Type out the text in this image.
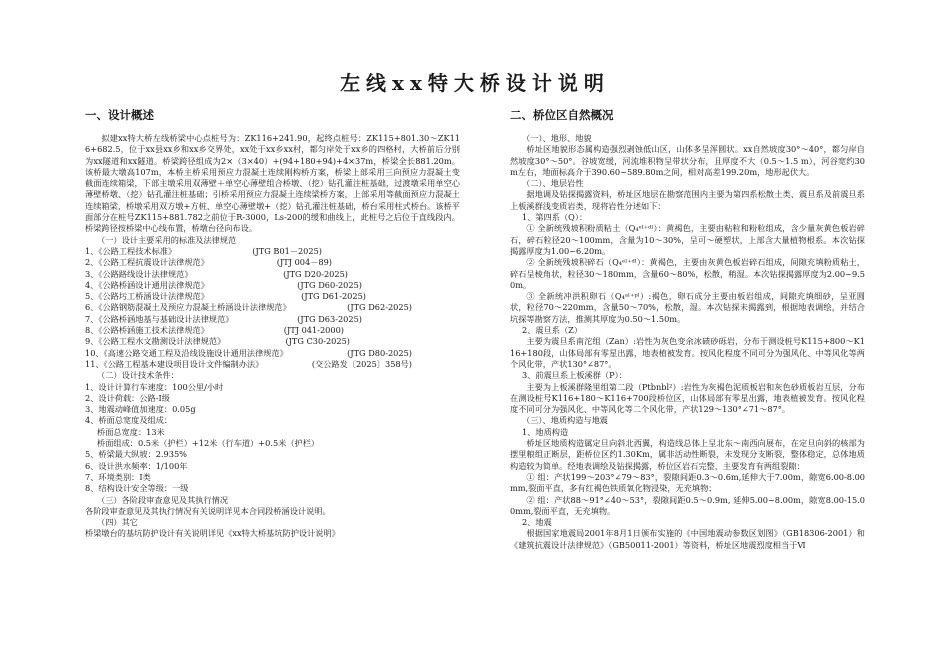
左线xx特大桥设计说明
一、设计概述

拟建xx特大桥左线桥梁中心点桩号为：ZK116+241.90，起终点桩号：ZK115+801.30～ZK116+682.5，位于xx县xx乡和xx乡交界处，xx处于xx乡xx村，都匀岸处于xx乡的四格村，大桥前后分别为xx隧道和xx隧道。桥梁跨径组成为2×（3×40）+(94+180+94)+4×37m，桥梁全长881.20m。该桥最大墩高107m，本桥主桥采用预应力混凝土连续刚构桥方案，桥梁上部采用三向预应力混凝土变截面连续箱梁，下部主墩采用双薄壁＋单空心薄壁组合桥墩、（挖）钻孔灌注桩基础，过渡墩采用单空心薄壁桥墩、（挖）钻孔灌注桩基础；引桥采用预应力混凝土连续梁桥方案，上部采用等截面预应力混凝土连续箱梁，桥墩采用双方墩+方桩、单空心薄壁墩+（挖）钻孔灌注桩基础，桥台采用柱式桥台。该桥平面部分在桩号ZK115+881.782之前位于R-3000，Ls-200的缓和曲线上，此桩号之后位于直线段内。桥梁跨径按桥梁中心线布置，桥墩台径向布设。

（一）设计主要采用的标准及法律规范

1、《公路工程技术标准》	(JTG B01－2025)
2、《公路工程抗震设计法律规范》	(JTJ 004－89)
3、《公路路线设计法律规范》	(JTG D20-2025)
4、《公路桥涵设计通用法律规范》	(JTG D60-2025)
5、《公路圬工桥涵设计法律规范》	(JTG D61-2025)
6、《公路钢筋混凝土及预应力混凝土桥涵设计法律规范》	(JTG D62-2025)
7、《公路桥涵地基与基础设计法律规范》	(JTG D63-2025)
8、《公路桥涵施工技术法律规范》	(JTJ 041-2000)
9、《公路工程水文勘测设计法律规范》	(JTG C30-2025)
10、《高速公路交通工程及沿线设施设计通用法律规范》	(JTG D80-2025)
11、《公路工程基本建设项目设计文件编制办法》	(交公路发〔2025〕358号)

（二）设计技术条件：

1、设计计算行车速度：100公里/小时

2、设计荷载：公路-I级

3、地震动峰值加速度：0.05g

4、桥面总宽度及组成：

桥面总宽度：13米

桥面组成：0.5米（护栏）+12米（行车道）+0.5米（护栏）

5、桥梁最大纵坡：2.935%

6、设计洪水频率：1/100年

7、环境类别：Ⅰ类

8、结构设计安全等级：一级

（三）各阶段审查意见及其执行情况

各阶段审查意见及其执行情况有关说明详见本合同段桥涵设计说明。

（四）其它

桥梁墩台的基坑防护设计有关说明详见《xx特大桥基坑防护设计说明》

二、桥位区自然概况

（一）、地形、地貌

桥址区地貌形态属构造强烈剥蚀低山区，山体多呈浑圆状。xx自然坡度30°～40°，都匀岸自然坡度30°～50°。谷坡宽缓，河流堆积物呈带状分布，且厚度不大（0.5～1.5 m），河谷宽约30m左右，地面标高介于390.60~589.80m之间，相对高差199.20m，地形起伏大。

（二）、地层岩性

据地调及钻探揭露资料，桥址区地层在勘察范围内主要为第四系松散土类、震旦系及前震旦系上板溪群浅变质岩类，现将岩性分述如下：

1、第四系（Q）：

① 全新统残坡积粉质粘土（Q₄ᵉˡ⁺ᵈˡ）：黄褐色，主要由粘粒和粉粒组成，含少量灰黄色板岩碎石，碎石粒径20～100mm，含量为10～30%，呈可～硬塑状，上部含大量植物根系。本次钻探揭露厚度为1.00~6.20m。

② 全新统残坡积碎石（Q₄ᵉˡ⁺ᵈˡ）：黄褐色，主要由灰黄色板岩碎石组成，间隙充填粉质粘土，碎石呈棱角状，粒径30～180mm，含量60～80%，松散，稍湿。本次钻探揭露厚度为2.00~9.50m。

③ 全新统冲洪积卵石（Q₄ᵃˡ⁺ᵖˡ）:褐色，卵石成分主要由板岩组成，间隙充填细砂，呈亚圆状，粒径70～220mm，含量50～70%，松散，湿。本次钻探未揭露到，根据地表调绘，并结合坑探等勘察方法，推测其厚度为0.50～1.50m。

2、震旦系（Z）

主要为震旦系南沱组（Zan）:岩性为灰色变余冰碛砂砾岩，分布于测设桩号K115+800～K116+180段，山体局部有零星出露，地表植被发育。按风化程度不同可分为强风化、中等风化等两个风化带，产状130°∠87°。

3、前震旦系上板溪群（P）：

主要为上板溪群隆里组第二段（Ptbnbl²）:岩性为灰褐色泥质板岩和灰色砂质板岩互层，分布在测设桩号K116+180～K116+700段桥位区，山体局部有零星出露，地表植被发育。按风化程度不同可分为强风化、中等风化等二个风化带，产状129～130°∠71～87°。

（三）、地质构造与地震

1、地质构造

桥址区地质构造属定旦向斜北西翼，构造线总体上呈北东～南西向展布，在定旦向斜的核部为摆里粮组正断层，距桥位区约1.30Km，属非活动性断裂，未发现分支断裂，整体稳定，总体地质构造较为简单。经地表调绘及钻探揭露，桥位区岩石完整，主要发育有两组裂隙：

① 组：产状199～203°∠79～83°，裂隙间距0.3～0.6m,延伸大于7.00m，隙宽6.00-8.00mm,裂面平直，多有红褐色铁质氧化物浸染，无充填物；

② 组：产状88～91°∠40～53°，裂隙间距0.5～0.9m, 延伸5.00~8.00m，隙宽8.00-15.00mm,裂面平直，无充填物。

2、地震

根据国家地震局2001年8月1日颁布实施的《中国地震动参数区划图》（GB18306-2001）和《建筑抗震设计法律规范》（GB50011-2001）等资料，桥址区地震烈度相当于Ⅵ
